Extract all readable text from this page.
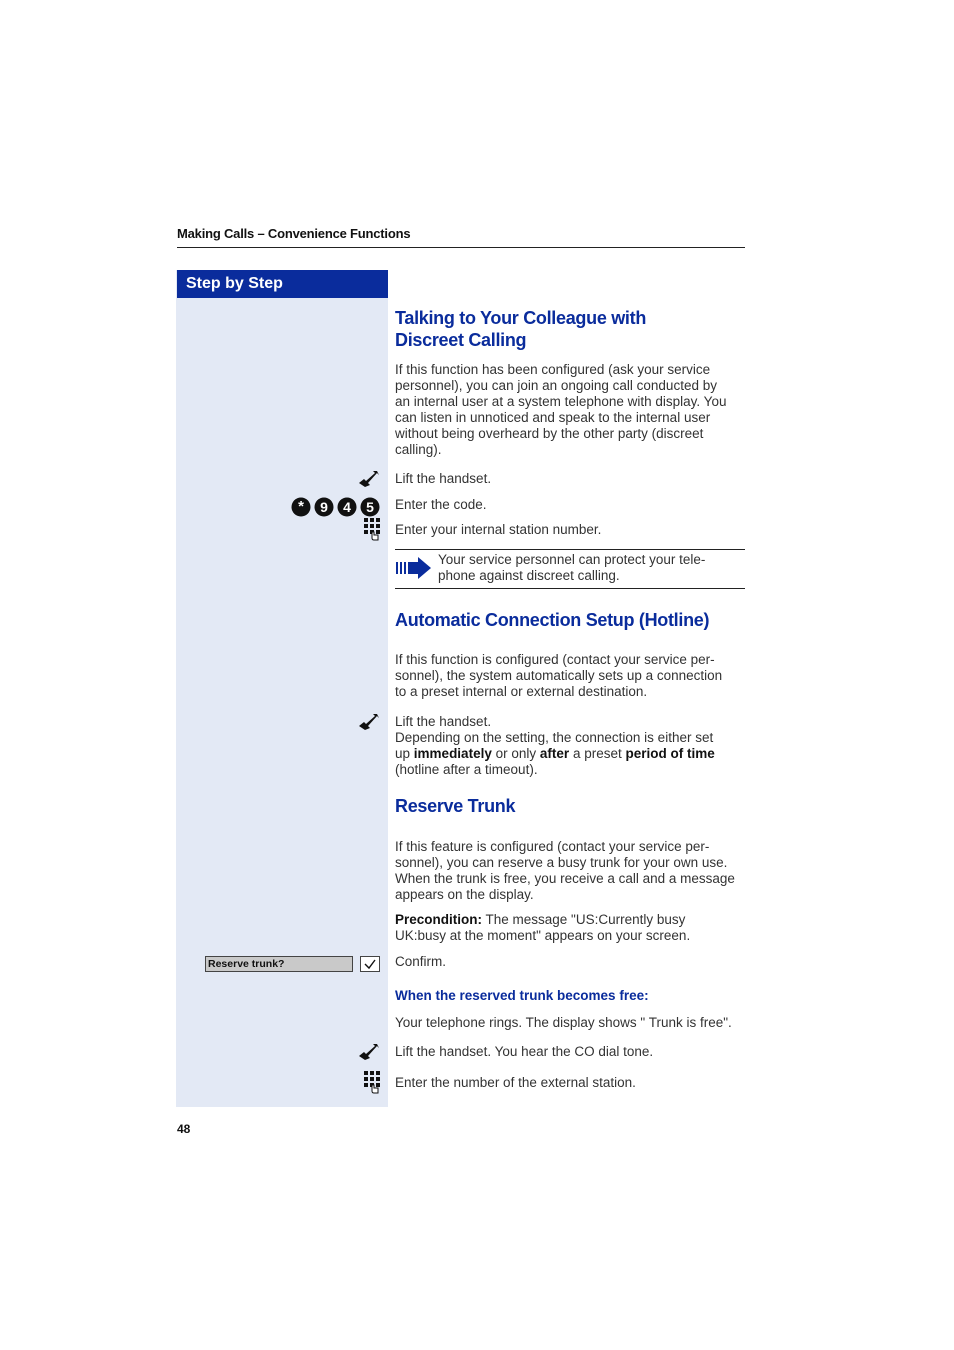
Making Calls – Convenience Functions
Step by Step
Talking to Your Colleague with
Discreet Calling
If this function has been configured (ask your service
personnel), you can join an ongoing call conducted by
an internal user at a system telephone with display. You
can listen in unnoticed and speak to the internal user
without being overheard by the other party (discreet
calling).
Lift the handset.
* 9 4 5 Enter the code.
Enter your internal station number.
Your service personnel can protect your tele-
phone against discreet calling.
Automatic Connection Setup (Hotline)
If this function is configured (contact your service per-
sonnel), the system automatically sets up a connection
to a preset internal or external destination.
Lift the handset.
Depending on the setting, the connection is either set
up immediately or only after a preset period of time
(hotline after a timeout).
Reserve Trunk
If this feature is configured (contact your service per-
sonnel), you can reserve a busy trunk for your own use.
When the trunk is free, you receive a call and a message
appears on the display.
Precondition: The message "US:Currently busy
UK:busy at the moment" appears on your screen.
Reserve trunk?	Confirm.
When the reserved trunk becomes free:
Your telephone rings. The display shows " Trunk is free".
Lift the handset. You hear the CO dial tone.
Enter the number of the external station.
48
